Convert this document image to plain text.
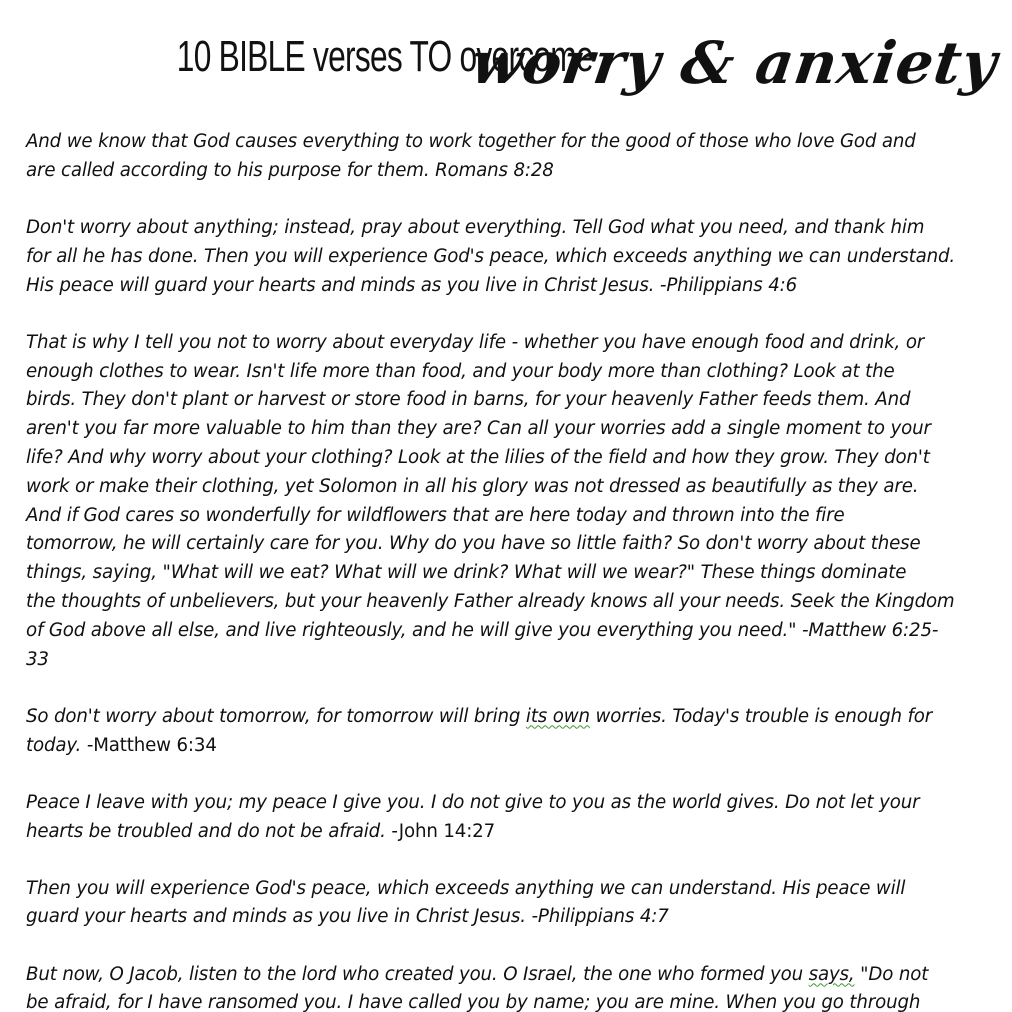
10 BIBLE verses TO overcome
worry & anxiety

And we know that God causes everything to work together for the good of those who love God and
are called according to his purpose for them. Romans 8:28

Don't worry about anything; instead, pray about everything. Tell God what you need, and thank him
for all he has done. Then you will experience God's peace, which exceeds anything we can understand.
His peace will guard your hearts and minds as you live in Christ Jesus. -Philippians 4:6

That is why I tell you not to worry about everyday life - whether you have enough food and drink, or
enough clothes to wear. Isn't life more than food, and your body more than clothing? Look at the
birds. They don't plant or harvest or store food in barns, for your heavenly Father feeds them. And
aren't you far more valuable to him than they are? Can all your worries add a single moment to your
life? And why worry about your clothing? Look at the lilies of the field and how they grow. They don't
work or make their clothing, yet Solomon in all his glory was not dressed as beautifully as they are.
And if God cares so wonderfully for wildflowers that are here today and thrown into the fire
tomorrow, he will certainly care for you. Why do you have so little faith? So don't worry about these
things, saying, "What will we eat? What will we drink? What will we wear?" These things dominate
the thoughts of unbelievers, but your heavenly Father already knows all your needs. Seek the Kingdom
of God above all else, and live righteously, and he will give you everything you need." -Matthew 6:25-
33

So don't worry about tomorrow, for tomorrow will bring its own worries. Today's trouble is enough for
today. -Matthew 6:34

Peace I leave with you; my peace I give you. I do not give to you as the world gives. Do not let your
hearts be troubled and do not be afraid. -John 14:27

Then you will experience God's peace, which exceeds anything we can understand. His peace will
guard your hearts and minds as you live in Christ Jesus. -Philippians 4:7

But now, O Jacob, listen to the lord who created you. O Israel, the one who formed you says, "Do not
be afraid, for I have ransomed you. I have called you by name; you are mine. When you go through
